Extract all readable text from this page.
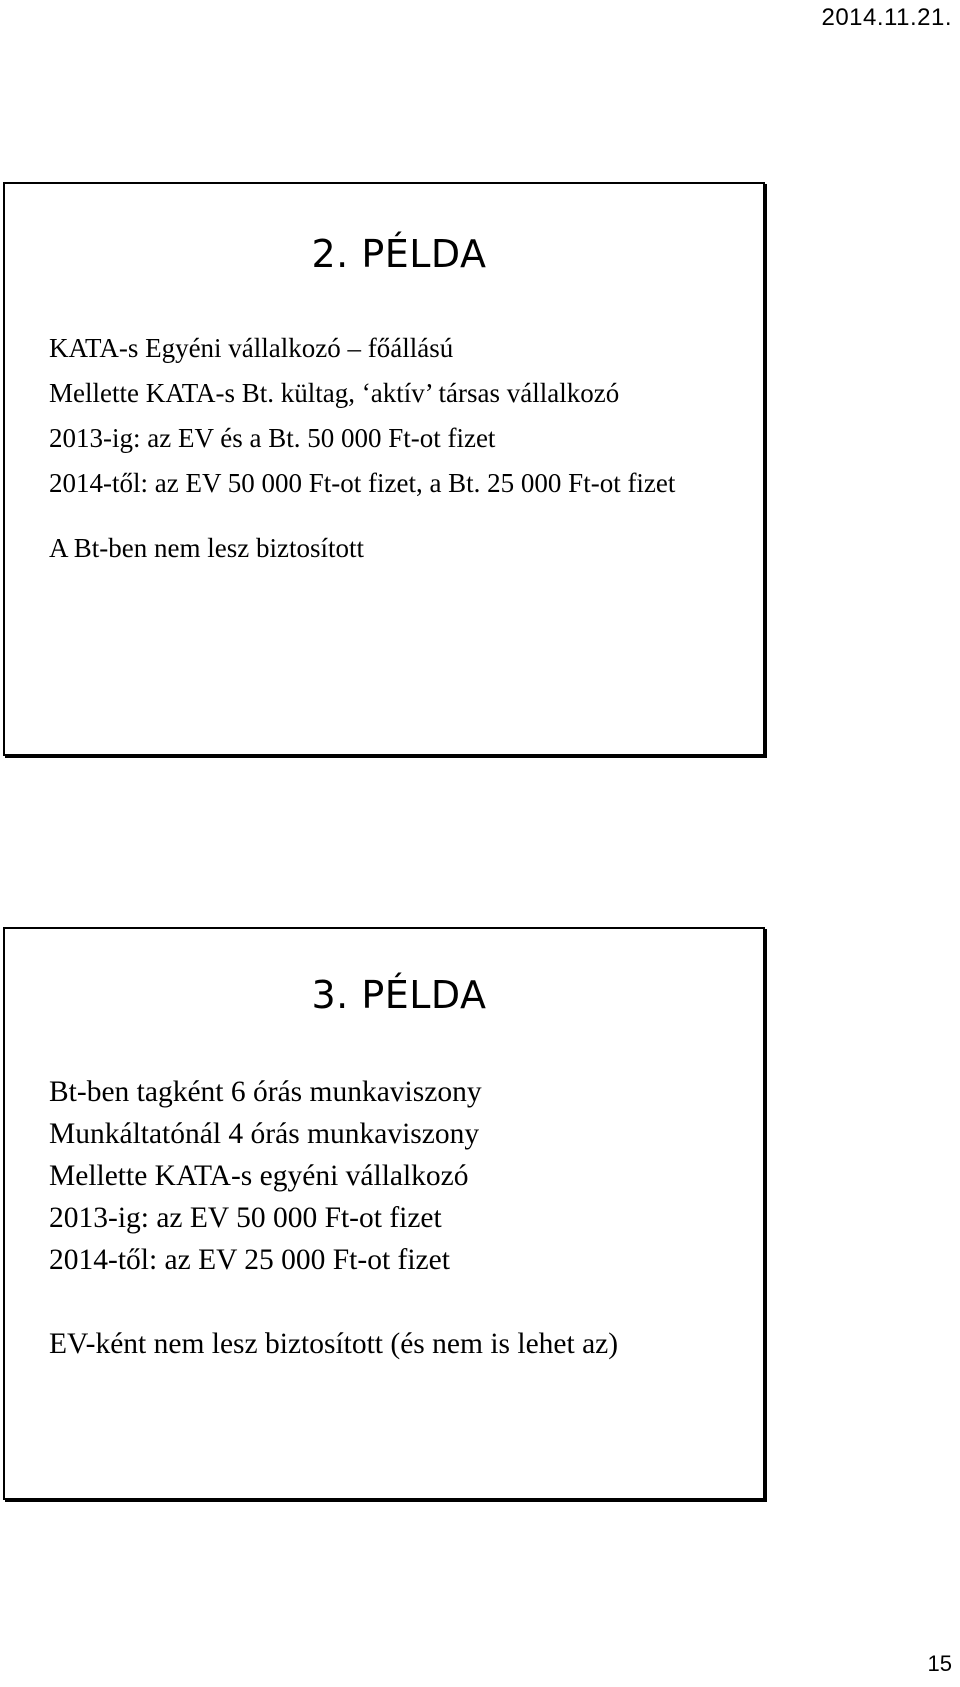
2014.11.21.
2. PÉLDA

KATA-s Egyéni vállalkozó – főállású

Mellette KATA-s Bt. kültag, ‘aktív’ társas vállalkozó

2013-ig: az EV és a Bt. 50 000 Ft-ot fizet

2014-től: az EV 50 000 Ft-ot fizet, a Bt. 25 000 Ft-ot fizet

A Bt-ben nem lesz biztosított

3. PÉLDA

Bt-ben tagként 6 órás munkaviszony

Munkáltatónál 4 órás munkaviszony

Mellette KATA-s egyéni vállalkozó

2013-ig: az EV 50 000 Ft-ot fizet

2014-től: az EV 25 000 Ft-ot fizet

EV-ként nem lesz biztosított (és nem is lehet az)

15
